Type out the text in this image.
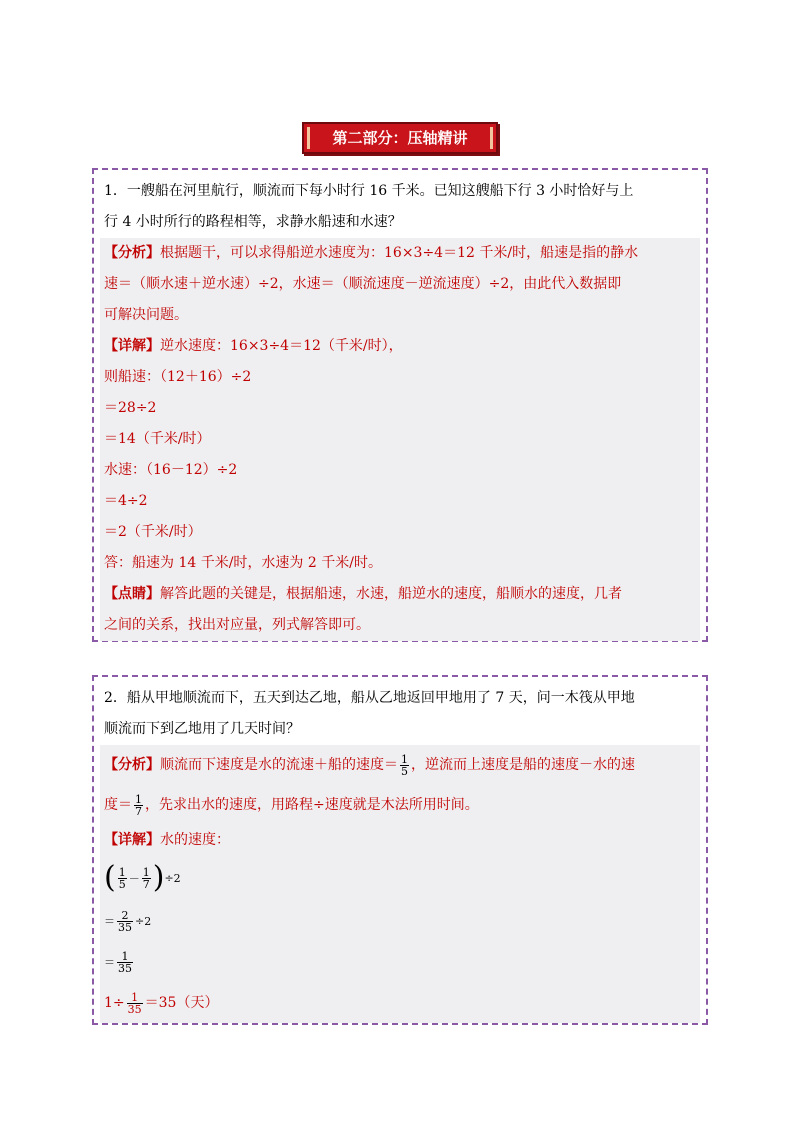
第二部分：压轴精讲
1．一艘船在河里航行，顺流而下每小时行 16 千米。已知这艘船下行 3 小时恰好与上
行 4 小时所行的路程相等，求静水船速和水速？
【分析】根据题干，可以求得船逆水速度为：16×3÷4＝12 千米/时，船速是指的静水
速＝（顺水速＋逆水速）÷2，水速＝（顺流速度－逆流速度）÷2，由此代入数据即
可解决问题。
【详解】逆水速度：16×3÷4＝12（千米/时），
则船速：（12＋16）÷2
＝28÷2
＝14（千米/时）
水速：（16－12）÷2
＝4÷2
＝2（千米/时）
答：船速为 14 千米/时，水速为 2 千米/时。
【点睛】解答此题的关键是，根据船速，水速，船逆水的速度，船顺水的速度，几者
之间的关系，找出对应量，列式解答即可。
2．船从甲地顺流而下，五天到达乙地，船从乙地返回甲地用了 7 天，问一木筏从甲地
顺流而下到乙地用了几天时间？
【分析】顺流而下速度是水的流速＋船的速度＝ $\frac{1}{5}$ ，逆流而上速度是船的速度－水的速
度＝ $\frac{1}{7}$ ，先求出水的速度，用路程÷速度就是木法所用时间。
【详解】水的速度：
( $\frac{1}{5} - \frac{1}{7} )\div 2$
＝ $\frac{2}{35} \div 2$
＝ $\frac{1}{35}$
$1\div \frac{1}{35} =35$（天）
